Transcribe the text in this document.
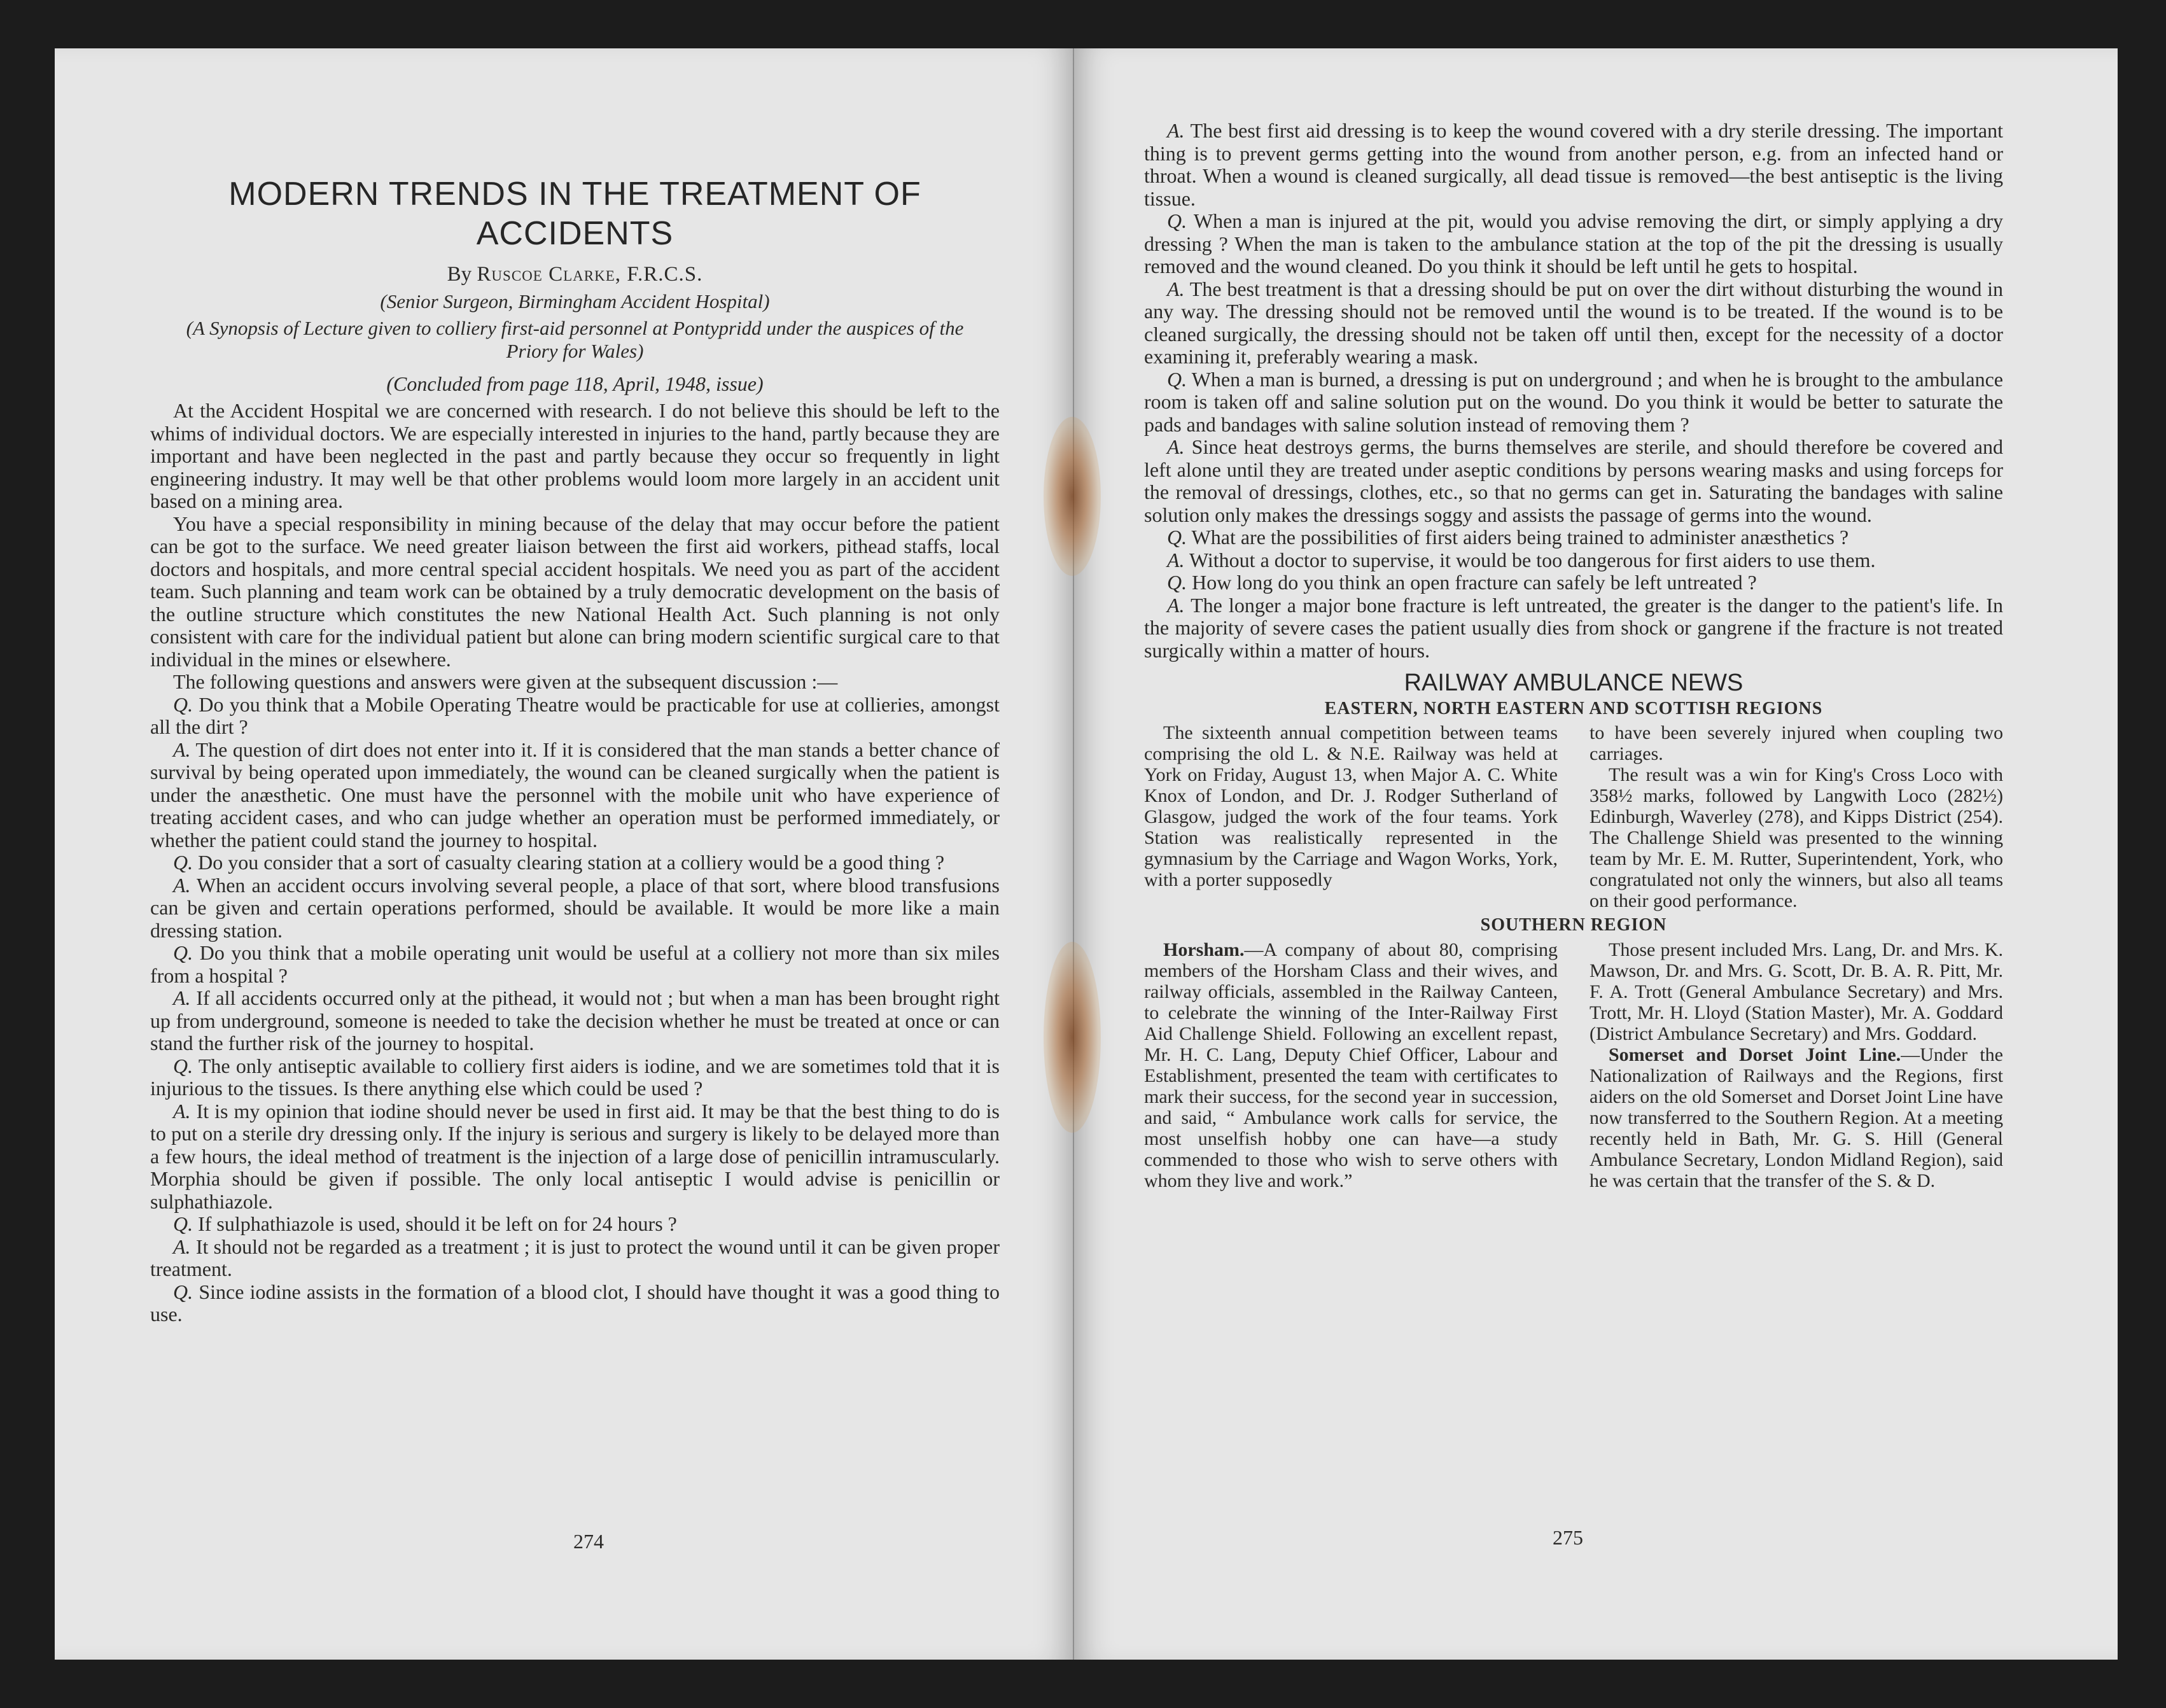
MODERN TRENDS IN THE TREATMENT OF ACCIDENTS
By Ruscoe Clarke, F.R.C.S.
(Senior Surgeon, Birmingham Accident Hospital)
(A Synopsis of Lecture given to colliery first-aid personnel at Pontypridd under the auspices of the Priory for Wales)
(Concluded from page 118, April, 1948, issue)

At the Accident Hospital we are concerned with research. I do not believe this should be left to the whims of individual doctors. We are especially interested in injuries to the hand, partly because they are important and have been neglected in the past and partly because they occur so frequently in light engineering industry. It may well be that other problems would loom more largely in an accident unit based on a mining area.

You have a special responsibility in mining because of the delay that may occur before the patient can be got to the surface. We need greater liaison between the first aid workers, pithead staffs, local doctors and hospitals, and more central special accident hospitals. We need you as part of the accident team. Such planning and team work can be obtained by a truly democratic development on the basis of the outline structure which constitutes the new National Health Act. Such planning is not only consistent with care for the individual patient but alone can bring modern scientific surgical care to that individual in the mines or elsewhere.

The following questions and answers were given at the subsequent discussion :—

Q. Do you think that a Mobile Operating Theatre would be practicable for use at collieries, amongst all the dirt ?

A. The question of dirt does not enter into it. If it is considered that the man stands a better chance of survival by being operated upon immediately, the wound can be cleaned surgically when the patient is under the anæsthetic. One must have the personnel with the mobile unit who have experience of treating accident cases, and who can judge whether an operation must be performed immediately, or whether the patient could stand the journey to hospital.

Q. Do you consider that a sort of casualty clearing station at a colliery would be a good thing ?

A. When an accident occurs involving several people, a place of that sort, where blood transfusions can be given and certain operations performed, should be available. It would be more like a main dressing station.

Q. Do you think that a mobile operating unit would be useful at a colliery not more than six miles from a hospital ?

A. If all accidents occurred only at the pithead, it would not ; but when a man has been brought right up from underground, someone is needed to take the decision whether he must be treated at once or can stand the further risk of the journey to hospital.

Q. The only antiseptic available to colliery first aiders is iodine, and we are sometimes told that it is injurious to the tissues. Is there anything else which could be used ?

A. It is my opinion that iodine should never be used in first aid. It may be that the best thing to do is to put on a sterile dry dressing only. If the injury is serious and surgery is likely to be delayed more than a few hours, the ideal method of treatment is the injection of a large dose of penicillin intramuscularly. Morphia should be given if possible. The only local antiseptic I would advise is penicillin or sulphathiazole.

Q. If sulphathiazole is used, should it be left on for 24 hours ?

A. It should not be regarded as a treatment ; it is just to protect the wound until it can be given proper treatment.

Q. Since iodine assists in the formation of a blood clot, I should have thought it was a good thing to use.

274

A. The best first aid dressing is to keep the wound covered with a dry sterile dressing. The important thing is to prevent germs getting into the wound from another person, e.g. from an infected hand or throat. When a wound is cleaned surgically, all dead tissue is removed—the best antiseptic is the living tissue.

Q. When a man is injured at the pit, would you advise removing the dirt, or simply applying a dry dressing ? When the man is taken to the ambulance station at the top of the pit the dressing is usually removed and the wound cleaned. Do you think it should be left until he gets to hospital.

A. The best treatment is that a dressing should be put on over the dirt without disturbing the wound in any way. The dressing should not be removed until the wound is to be treated. If the wound is to be cleaned surgically, the dressing should not be taken off until then, except for the necessity of a doctor examining it, preferably wearing a mask.

Q. When a man is burned, a dressing is put on underground ; and when he is brought to the ambulance room is taken off and saline solution put on the wound. Do you think it would be better to saturate the pads and bandages with saline solution instead of removing them ?

A. Since heat destroys germs, the burns themselves are sterile, and should therefore be covered and left alone until they are treated under aseptic conditions by persons wearing masks and using forceps for the removal of dressings, clothes, etc., so that no germs can get in. Saturating the bandages with saline solution only makes the dressings soggy and assists the passage of germs into the wound.

Q. What are the possibilities of first aiders being trained to administer anæsthetics ?

A. Without a doctor to supervise, it would be too dangerous for first aiders to use them.

Q. How long do you think an open fracture can safely be left untreated ?

A. The longer a major bone fracture is left untreated, the greater is the danger to the patient's life. In the majority of severe cases the patient usually dies from shock or gangrene if the fracture is not treated surgically within a matter of hours.

RAILWAY AMBULANCE NEWS
EASTERN, NORTH EASTERN AND SCOTTISH REGIONS

The sixteenth annual competition between teams comprising the old L. & N.E. Railway was held at York on Friday, August 13, when Major A. C. White Knox of London, and Dr. J. Rodger Sutherland of Glasgow, judged the work of the four teams. York Station was realistically represented in the gymnasium by the Carriage and Wagon Works, York, with a porter supposedly

to have been severely injured when coupling two carriages.

The result was a win for King's Cross Loco with 358½ marks, followed by Langwith Loco (282½) Edinburgh, Waverley (278), and Kipps District (254). The Challenge Shield was presented to the winning team by Mr. E. M. Rutter, Superintendent, York, who congratulated not only the winners, but also all teams on their good performance.

SOUTHERN REGION

Horsham.—A company of about 80, comprising members of the Horsham Class and their wives, and railway officials, assembled in the Railway Canteen, to celebrate the winning of the Inter-Railway First Aid Challenge Shield. Following an excellent repast, Mr. H. C. Lang, Deputy Chief Officer, Labour and Establishment, presented the team with certificates to mark their success, for the second year in succession, and said, “ Ambulance work calls for service, the most unselfish hobby one can have—a study commended to those who wish to serve others with whom they live and work.”

Those present included Mrs. Lang, Dr. and Mrs. K. Mawson, Dr. and Mrs. G. Scott, Dr. B. A. R. Pitt, Mr. F. A. Trott (General Ambulance Secretary) and Mrs. Trott, Mr. H. Lloyd (Station Master), Mr. A. Goddard (District Ambulance Secretary) and Mrs. Goddard.

Somerset and Dorset Joint Line.—Under the Nationalization of Railways and the Regions, first aiders on the old Somerset and Dorset Joint Line have now transferred to the Southern Region. At a meeting recently held in Bath, Mr. G. S. Hill (General Ambulance Secretary, London Midland Region), said he was certain that the transfer of the S. & D.

275
